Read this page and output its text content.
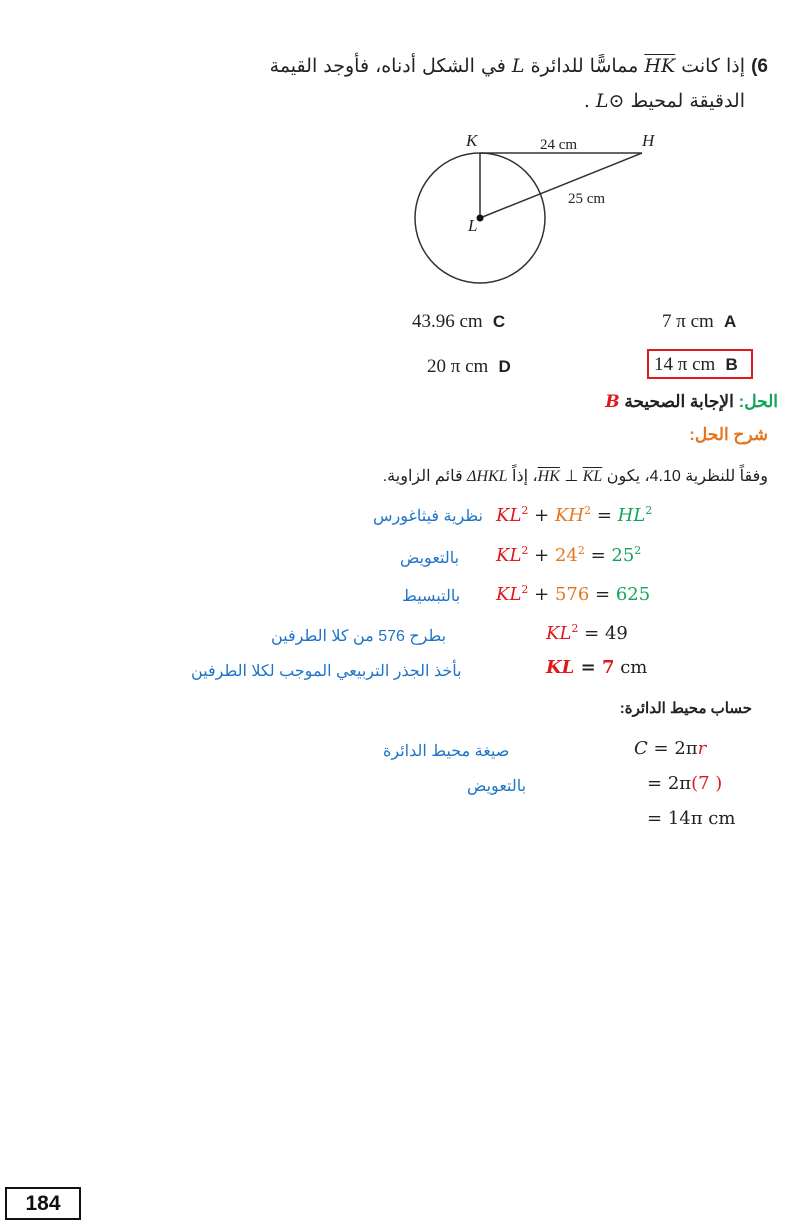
6) إذا كانت HK مماسًّا للدائرة L في الشكل أدناه، فأوجد القيمة
الدقيقة لمحيط ⊙L .
K	H
L
24 cm
25 cm
43.96 cm C	7 π cm A
20 π cm D	14 π cm B
الحل: الإجابة الصحيحة B
شرح الحل:
وفقاً للنظرية 4.10، يكون HK ⊥ KL، إذاً ΔHKL قائم الزاوية.
$KL^2 + KH^2 = HL^2$
نظرية فيثاغورس
$KL^2 + 24^2 = 25^2$
بالتعويض
$KL^2 + 576 = 625$
بالتبسيط
$KL^2 = 49$
بطرح 576 من كلا الطرفين
KL = 7 cm
بأخذ الجذر التربيعي الموجب لكلا الطرفين
حساب محيط الدائرة:
C = 2πr
صيغة محيط الدائرة
= 2π(7 )
بالتعويض
= 14π cm
184
